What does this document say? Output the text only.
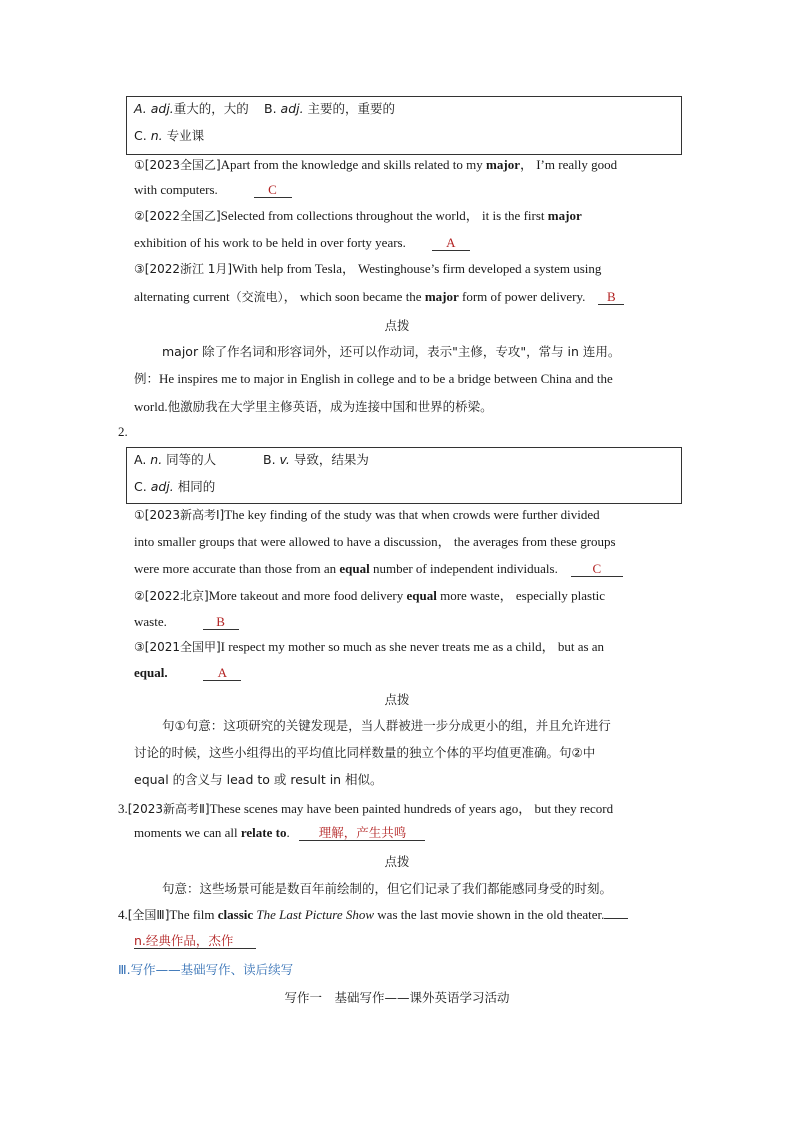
A. adj.重大的，大的 B. adj. 主要的，重要的
C. n. 专业课
①[2023全国乙]Apart from the knowledge and skills related to my major， I’m really good
with computers.	C
②[2022全国乙]Selected from collections throughout the world， it is the first major
exhibition of his work to be held in over forty years.	A
③[2022浙江 1月]With help from Tesla， Westinghouse’s firm developed a system using
alternating current（交流电）， which soon became the major form of power delivery.    B
点拨
major 除了作名词和形容词外，还可以作动词，表示"主修，专攻"，常与 in 连用。
例：He inspires me to major in English in college and to be a bridge between China and the
world.他激励我在大学里主修英语，成为连接中国和世界的桥梁。
2.
A. n. 同等的人	B. v. 导致，结果为
C. adj. 相同的
①[2023新高考Ⅰ]The key finding of the study was that when crowds were further divided
into smaller groups that were allowed to have a discussion， the averages from these groups
were more accurate than those from an equal number of independent individuals.    C
②[2022北京]More takeout and more food delivery equal more waste， especially plastic
waste.	B
③[2021全国甲]I respect my mother so much as she never treats me as a child， but as an
equal.	A
点拨
句①句意：这项研究的关键发现是，当人群被进一步分成更小的组，并且允许进行
讨论的时候，这些小组得出的平均值比同样数量的独立个体的平均值更准确。句②中
equal 的含义与 lead to 或 result in 相似。
3.[2023新高考Ⅱ]These scenes may have been painted hundreds of years ago， but they record
moments we can all relate to.   理解，产生共鸣
点拨
句意：这些场景可能是数百年前绘制的，但它们记录了我们都能感同身受的时刻。
4.[全国Ⅲ]The film classic The Last Picture Show was the last movie shown in the old theater.
n.经典作品，杰作
Ⅲ.写作——基础写作、读后续写
写作一　基础写作——课外英语学习活动
